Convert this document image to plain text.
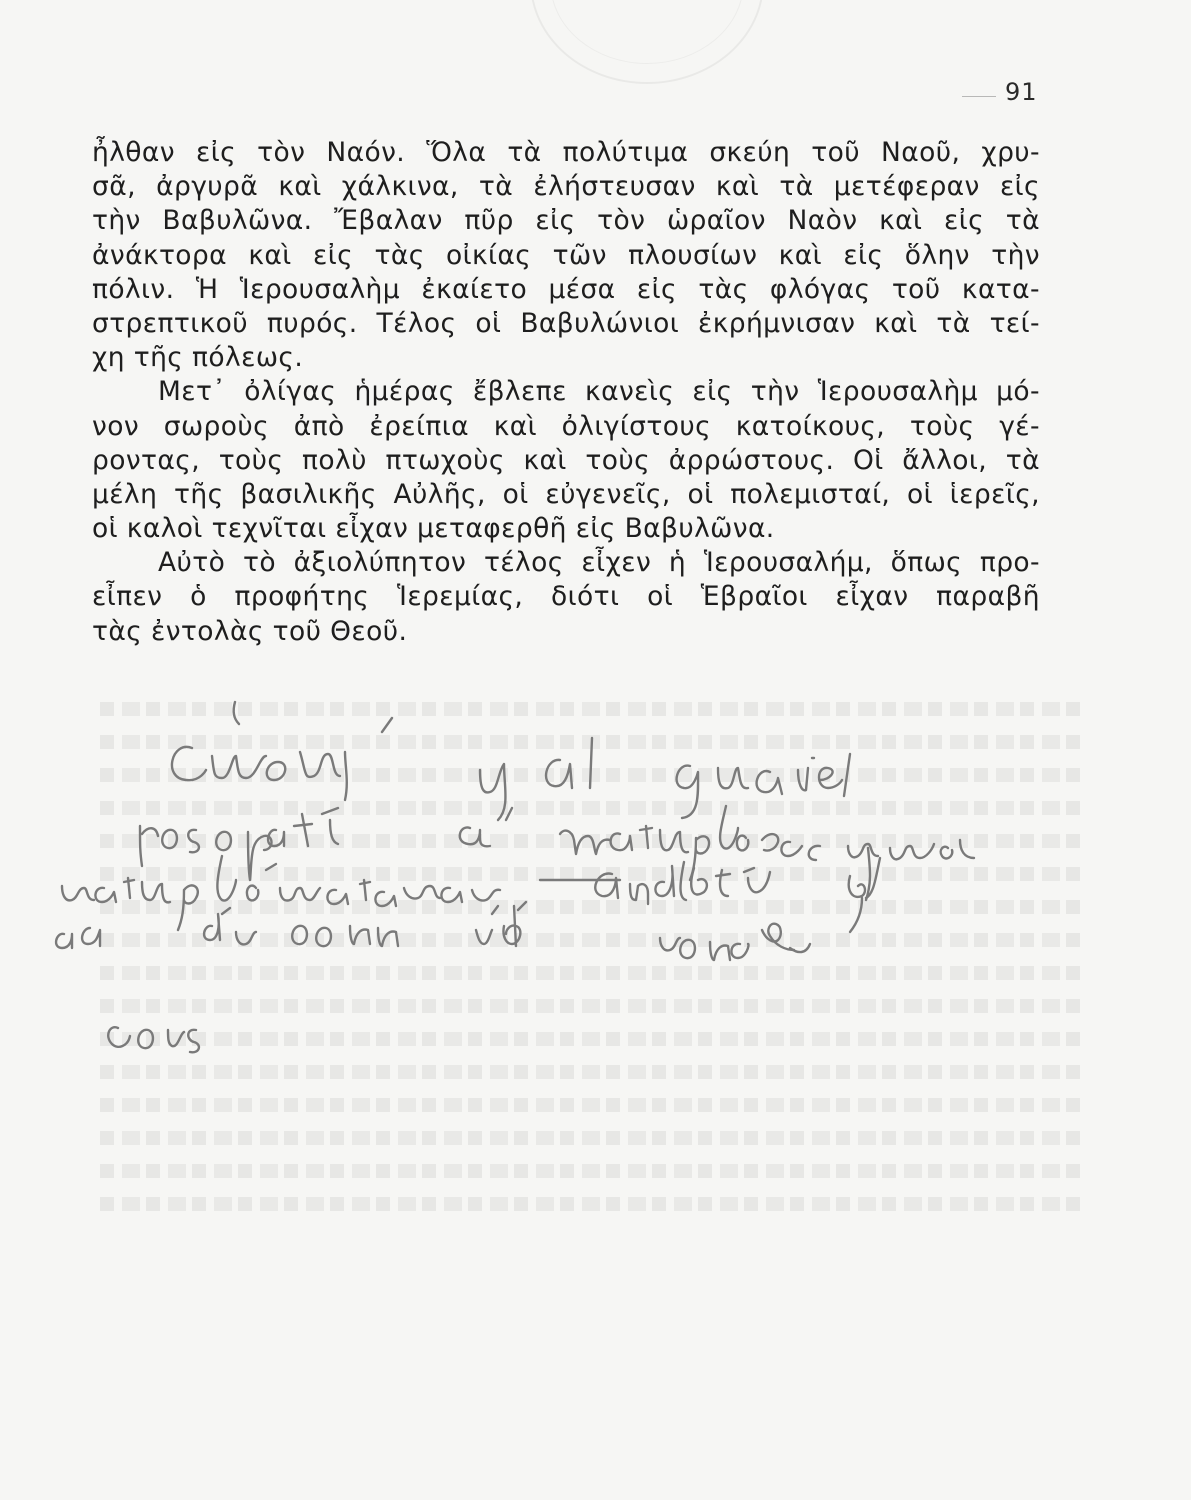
91
ἦλθαν εἰς τὸν Ναόν. Ὅλα τὰ πολύτιμα σκεύη τοῦ Ναοῦ, χρυ-
σᾶ, ἀργυρᾶ καὶ χάλκινα, τὰ ἐλήστευσαν καὶ τὰ μετέφεραν εἰς
τὴν Βαβυλῶνα. Ἔβαλαν πῦρ εἰς τὸν ὡραῖον Ναὸν καὶ εἰς τὰ
ἀνάκτορα καὶ εἰς τὰς οἰκίας τῶν πλουσίων καὶ εἰς ὅλην τὴν
πόλιν. Ἡ Ἱερουσαλὴμ ἐκαίετο μέσα εἰς τὰς φλόγας τοῦ κατα-
στρεπτικοῦ πυρός. Τέλος οἱ Βαβυλώνιοι ἐκρήμνισαν καὶ τὰ τεί-
χη τῆς πόλεως.
Μετ᾽ ὀλίγας ἡμέρας ἔβλεπε κανεὶς εἰς τὴν Ἱερουσαλὴμ μό-
νον σωροὺς ἀπὸ ἐρείπια καὶ ὀλιγίστους κατοίκους, τοὺς γέ-
ροντας, τοὺς πολὺ πτωχοὺς καὶ τοὺς ἀρρώστους. Οἱ ἄλλοι, τὰ
μέλη τῆς βασιλικῆς Αὐλῆς, οἱ εὐγενεῖς, οἱ πολεμισταί, οἱ ἱερεῖς,
οἱ καλοὶ τεχνῖται εἶχαν μεταφερθῆ εἰς Βαβυλῶνα.
Αὐτὸ τὸ ἀξιολύπητον τέλος εἶχεν ἡ Ἱερουσαλήμ, ὅπως προ-
εἶπεν ὁ προφήτης Ἱερεμίας, διότι οἱ Ἑβραῖοι εἶχαν παραβῆ
τὰς ἐντολὰς τοῦ Θεοῦ.
